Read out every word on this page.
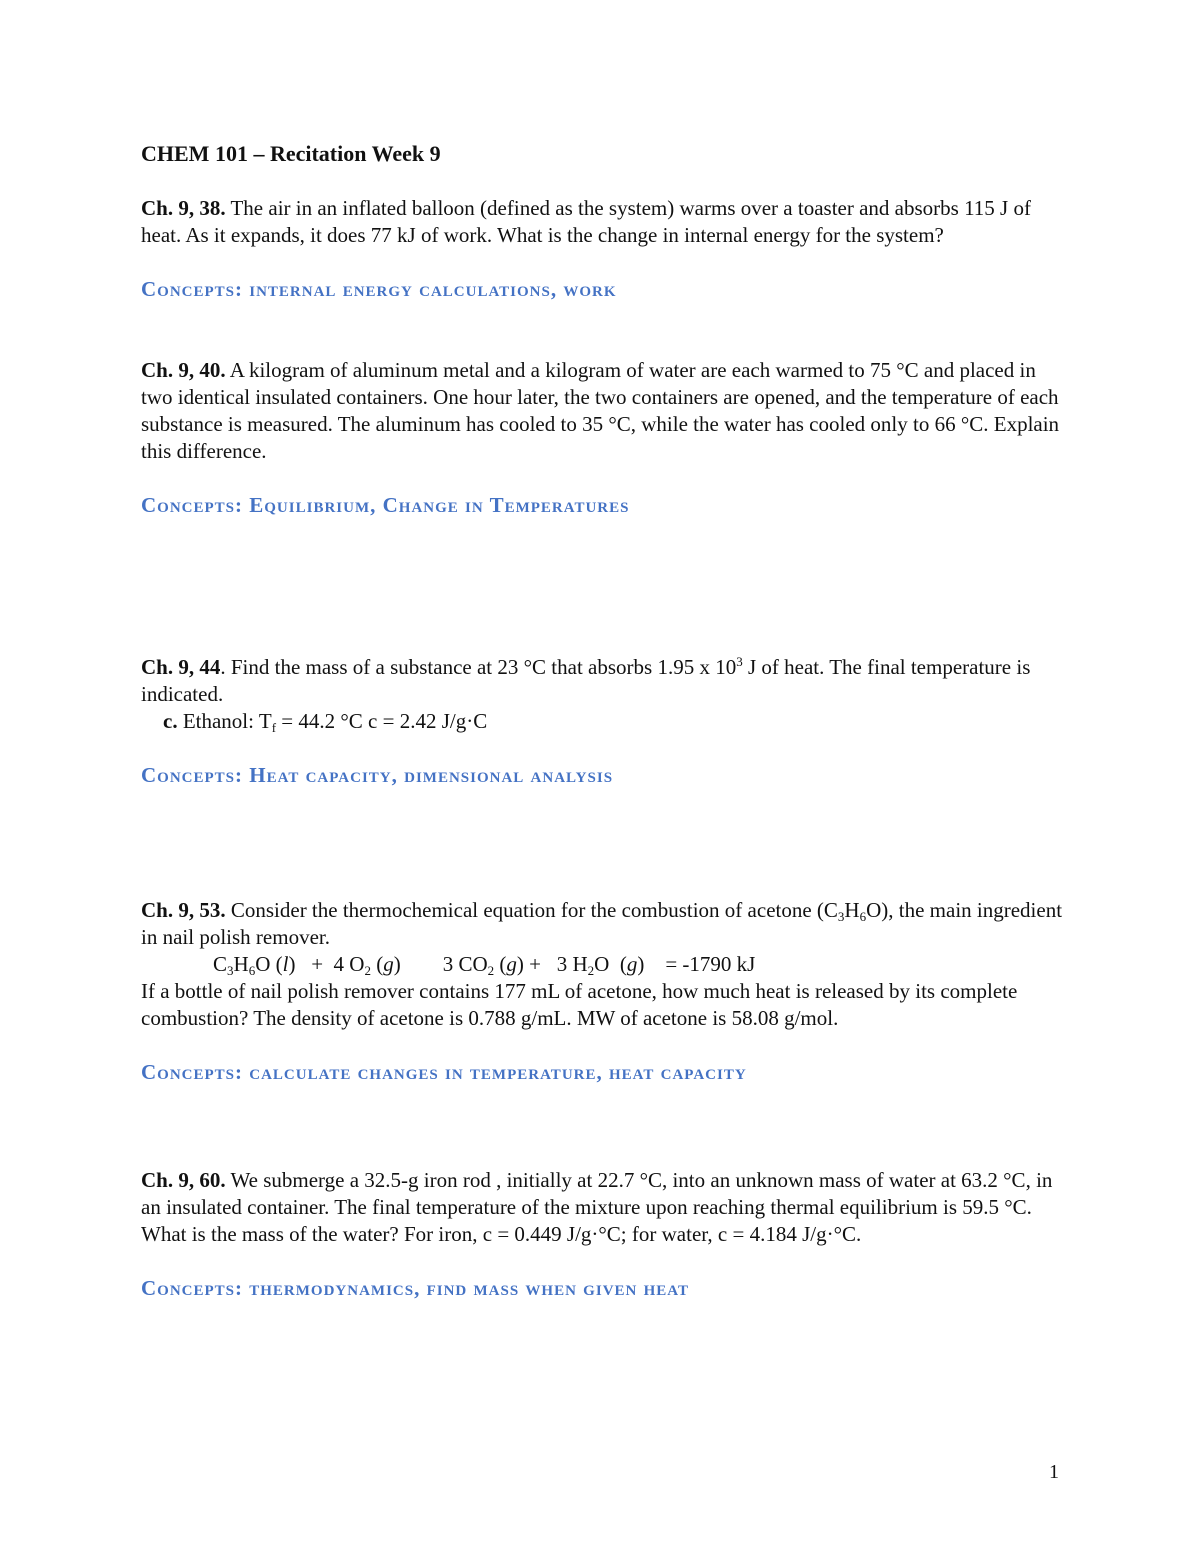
CHEM 101 – Recitation Week 9

Ch. 9, 38. The air in an inflated balloon (defined as the system) warms over a toaster and absorbs 115 J of heat. As it expands, it does 77 kJ of work. What is the change in internal energy for the system?

Concepts: internal energy calculations, work

Ch. 9, 40. A kilogram of aluminum metal and a kilogram of water are each warmed to 75 °C and placed in two identical insulated containers. One hour later, the two containers are opened, and the temperature of each substance is measured. The aluminum has cooled to 35 °C, while the water has cooled only to 66 °C. Explain this difference.

Concepts: Equilibrium, Change in Temperatures

Ch. 9, 44. Find the mass of a substance at 23 °C that absorbs 1.95 x $10^3$ J of heat. The final temperature is indicated.

c. Ethanol: $T_f = 44.2$ °C c = 2.42 J/g·C

Concepts: Heat capacity, dimensional analysis

Ch. 9, 53. Consider the thermochemical equation for the combustion of acetone $(C_3H_6O)$, the main ingredient in nail polish remover.

$C_3H_6O$ (l)   +  4 $O_2$ (g)        3 $CO_2$ (g) +   3 $H_2O$  (g)    = -1790 kJ

If a bottle of nail polish remover contains 177 mL of acetone, how much heat is released by its complete combustion? The density of acetone is 0.788 g/mL. MW of acetone is 58.08 g/mol.

Concepts: calculate changes in temperature, heat capacity

Ch. 9, 60. We submerge a 32.5-g iron rod , initially at 22.7 °C, into an unknown mass of water at 63.2 °C, in an insulated container. The final temperature of the mixture upon reaching thermal equilibrium is 59.5 °C. What is the mass of the water? For iron, c = 0.449 J/g·°C; for water, c = 4.184 J/g·°C.

Concepts: thermodynamics, find mass when given heat
1
